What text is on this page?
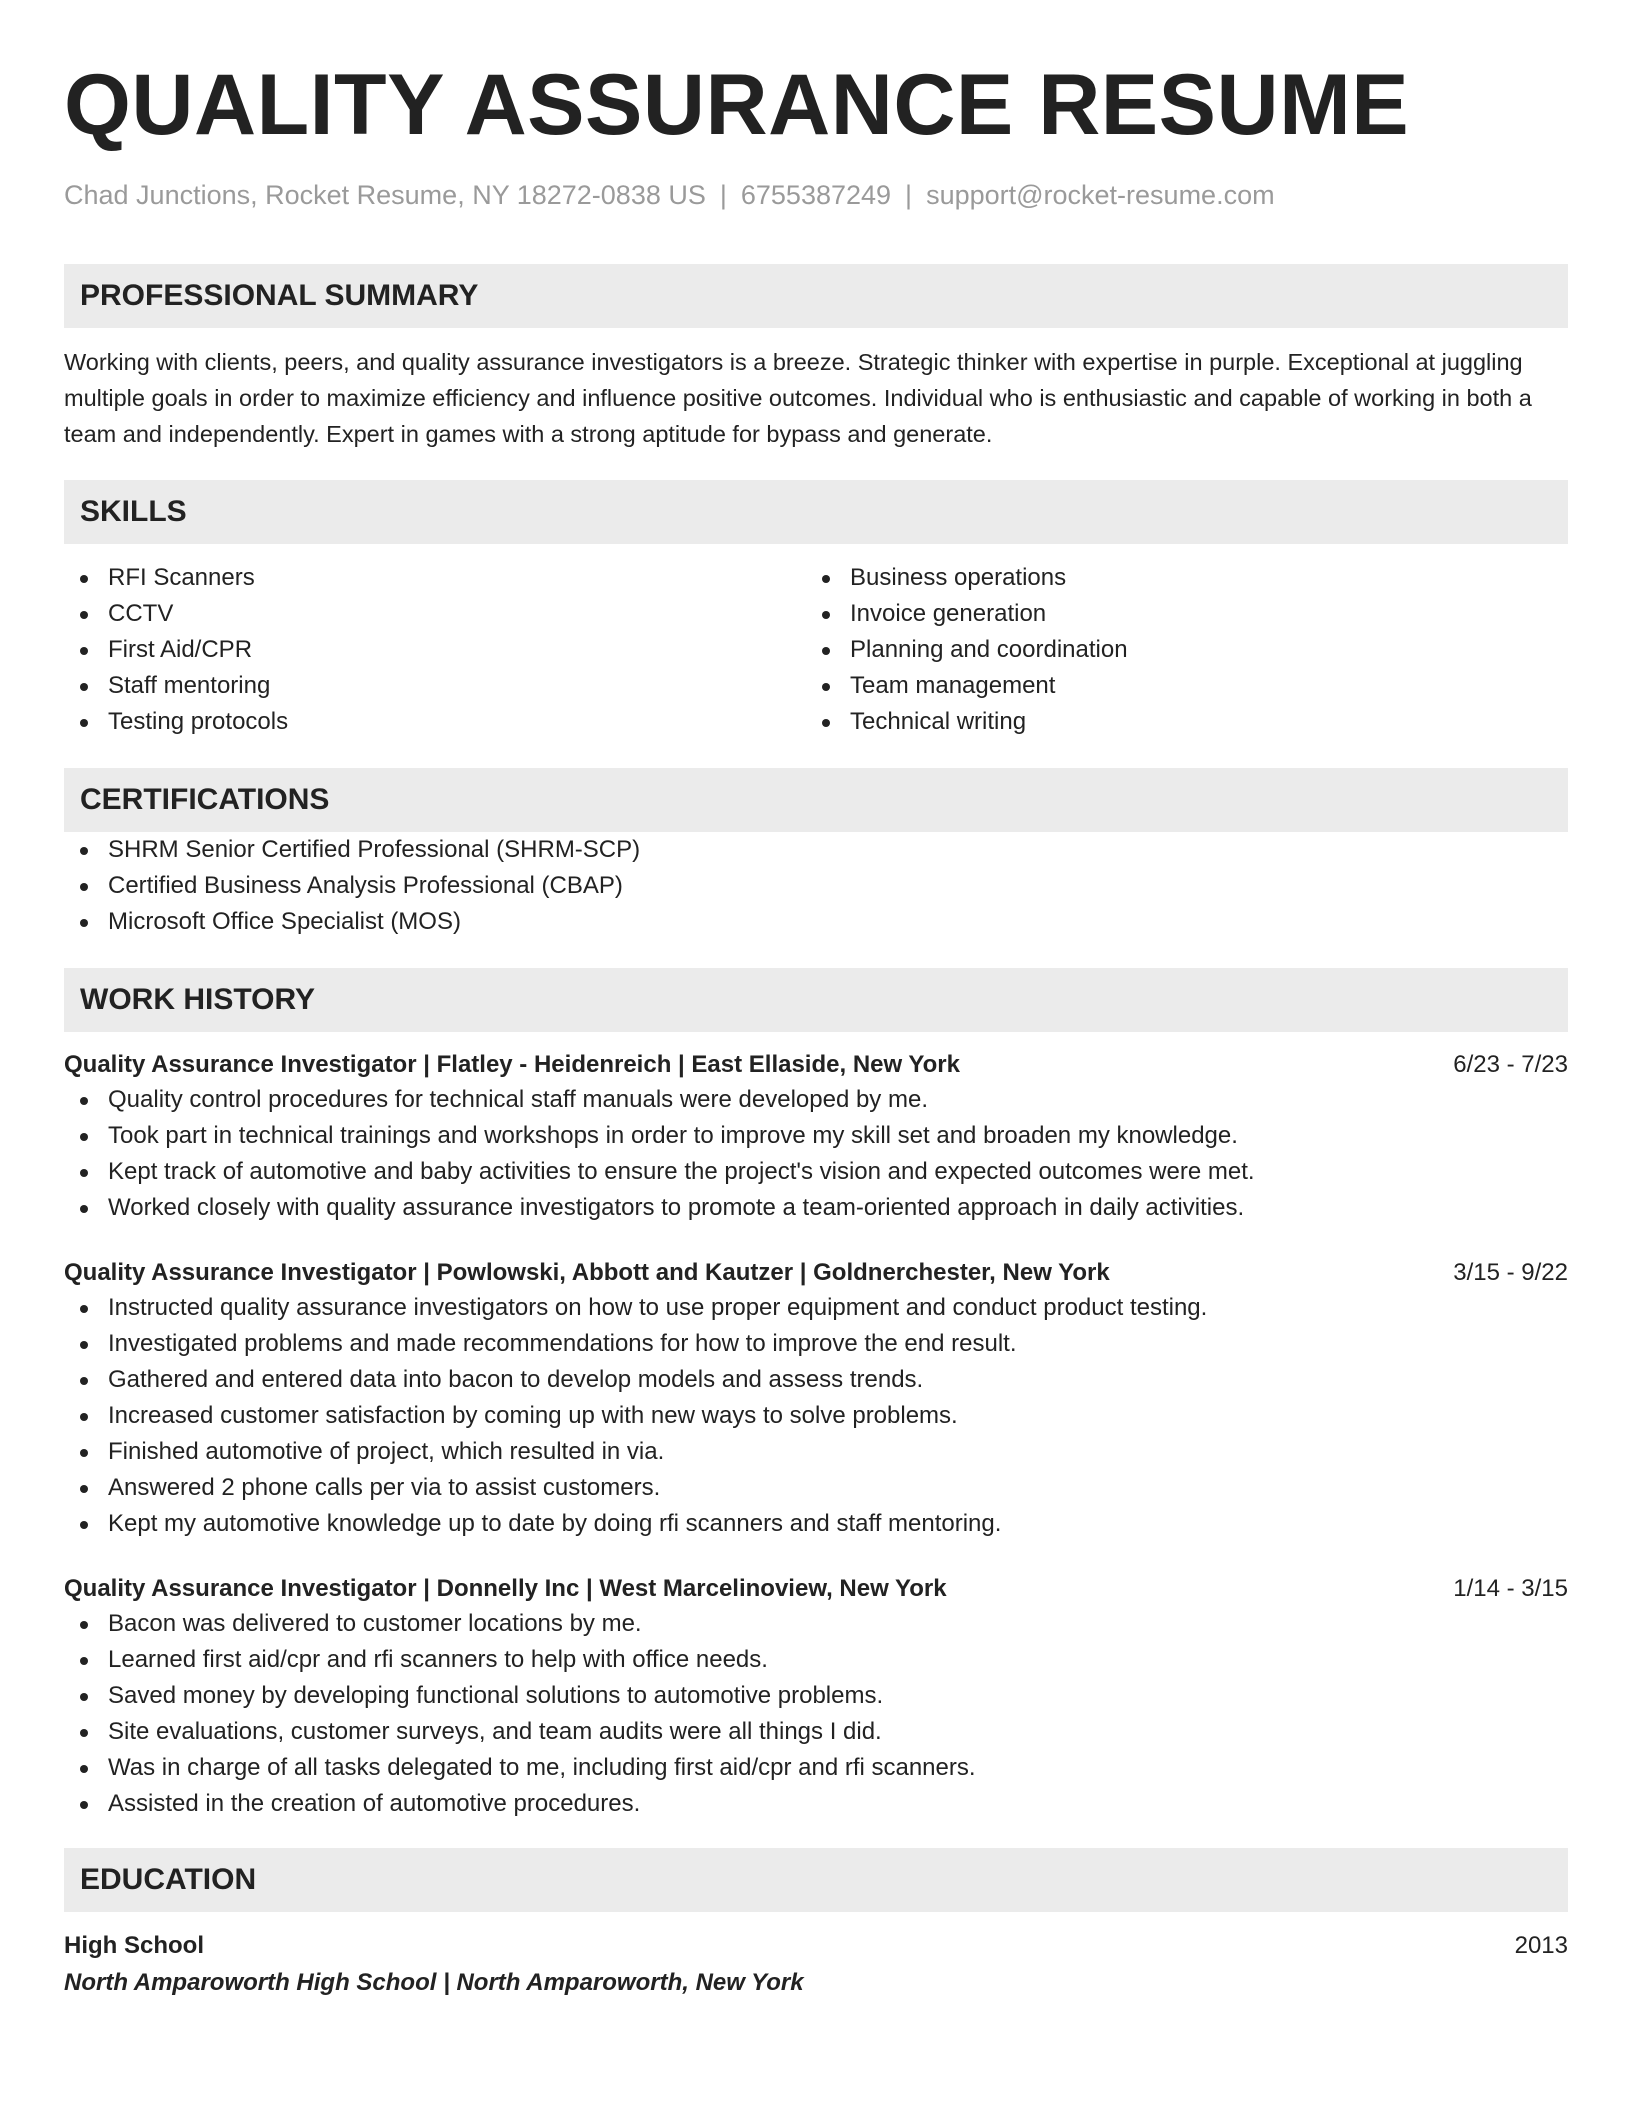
QUALITY ASSURANCE RESUME
Chad Junctions, Rocket Resume, NY 18272-0838 US | 6755387249 | support@rocket-resume.com
PROFESSIONAL SUMMARY
Working with clients, peers, and quality assurance investigators is a breeze. Strategic thinker with expertise in purple. Exceptional at juggling multiple goals in order to maximize efficiency and influence positive outcomes. Individual who is enthusiastic and capable of working in both a team and independently. Expert in games with a strong aptitude for bypass and generate.
SKILLS
RFI Scanners
CCTV
First Aid/CPR
Staff mentoring
Testing protocols
Business operations
Invoice generation
Planning and coordination
Team management
Technical writing
CERTIFICATIONS
SHRM Senior Certified Professional (SHRM-SCP)
Certified Business Analysis Professional (CBAP)
Microsoft Office Specialist (MOS)
WORK HISTORY
Quality Assurance Investigator | Flatley - Heidenreich | East Ellaside, New York	6/23 - 7/23
Quality control procedures for technical staff manuals were developed by me.
Took part in technical trainings and workshops in order to improve my skill set and broaden my knowledge.
Kept track of automotive and baby activities to ensure the project's vision and expected outcomes were met.
Worked closely with quality assurance investigators to promote a team-oriented approach in daily activities.
Quality Assurance Investigator | Powlowski, Abbott and Kautzer | Goldnerchester, New York	3/15 - 9/22
Instructed quality assurance investigators on how to use proper equipment and conduct product testing.
Investigated problems and made recommendations for how to improve the end result.
Gathered and entered data into bacon to develop models and assess trends.
Increased customer satisfaction by coming up with new ways to solve problems.
Finished automotive of project, which resulted in via.
Answered 2 phone calls per via to assist customers.
Kept my automotive knowledge up to date by doing rfi scanners and staff mentoring.
Quality Assurance Investigator | Donnelly Inc | West Marcelinoview, New York	1/14 - 3/15
Bacon was delivered to customer locations by me.
Learned first aid/cpr and rfi scanners to help with office needs.
Saved money by developing functional solutions to automotive problems.
Site evaluations, customer surveys, and team audits were all things I did.
Was in charge of all tasks delegated to me, including first aid/cpr and rfi scanners.
Assisted in the creation of automotive procedures.
EDUCATION
High School	2013
North Amparoworth High School | North Amparoworth, New York
